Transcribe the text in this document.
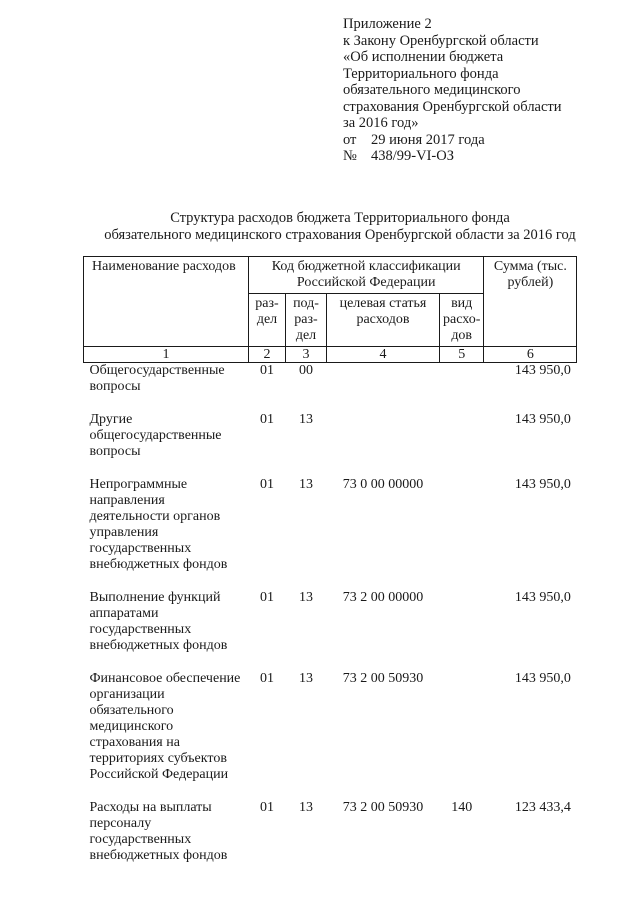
Приложение 2
к Закону Оренбургской области
«Об исполнении бюджета
Территориального фонда
обязательного медицинского
страхования Оренбургской области
за 2016 год»
от	29 июня 2017 года
№ 438/99-VI-ОЗ
Структура расходов бюджета Территориального фонда
обязательного медицинского страхования Оренбургской области за 2016 год
Наименование расходов	Код бюджетной классификации Российской Федерации				Сумма (тыс. рублей)
	раз-дел	под-раз-дел	целевая статья расходов	вид расхо-дов	
1	2	3	4	5	6
Общегосударственные вопросы	01	00			143 950,0
Другие общегосударственные вопросы	01	13			143 950,0
Непрограммные направления деятельности органов управления государственных внебюджетных фондов	01	13	73 0 00 00000		143 950,0
Выполнение функций аппаратами государственных внебюджетных фондов	01	13	73 2 00 00000		143 950,0
Финансовое обеспечение организации обязательного медицинского страхования на территориях субъектов Российской Федерации	01	13	73 2 00 50930		143 950,0
Расходы на выплаты персоналу государственных внебюджетных фондов	01	13	73 2 00 50930	140	123 433,4
